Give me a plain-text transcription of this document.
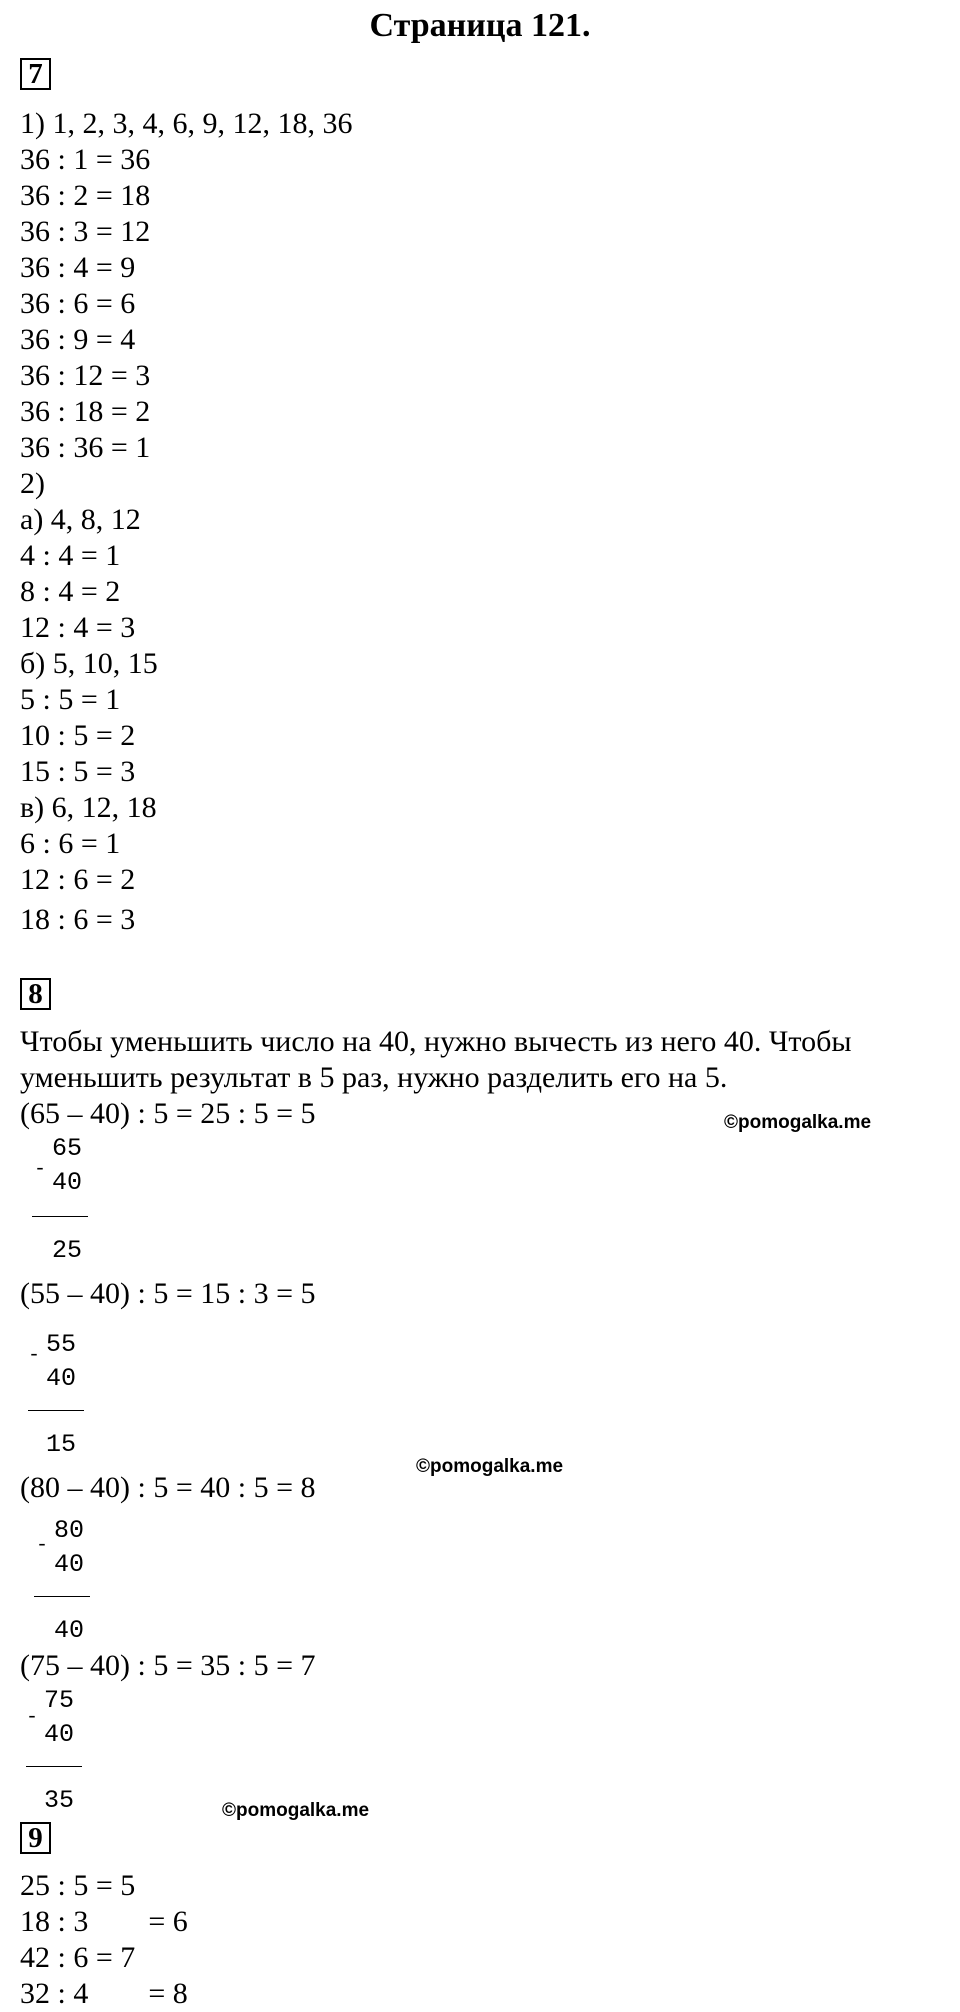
Страница 121.
7
1) 1, 2, 3, 4, 6, 9, 12, 18, 36
36 : 1 = 36
36 : 2 = 18
36 : 3 = 12
36 : 4 = 9
36 : 6 = 6
36 : 9 = 4
36 : 12 = 3
36 : 18 = 2
36 : 36 = 1
2)
а) 4, 8, 12
4 : 4 = 1
8 : 4 = 2
12 : 4 = 3
б) 5, 10, 15
5 : 5 = 1
10 : 5 = 2
15 : 5 = 3
в) 6, 12, 18
6 : 6 = 1
12 : 6 = 2
18 : 6 = 3
8
Чтобы уменьшить число на 40, нужно вычесть из него 40. Чтобы
уменьшить результат в 5 раз, нужно разделить его на 5.
(65 – 40) : 5 = 25 : 5 = 5	©pomogalka.me
-
65
40
25
(55 – 40) : 5 = 15 : 3 = 5
- 55
40
15
©pomogalka.me
(80 – 40) : 5 = 40 : 5 = 8
-
80
40
40
(75 – 40) : 5 = 35 : 5 = 7
-
75
40
35	©pomogalka.me
9
25 : 5 = 5
18 : 3        = 6
42 : 6 = 7
32 : 4        = 8
